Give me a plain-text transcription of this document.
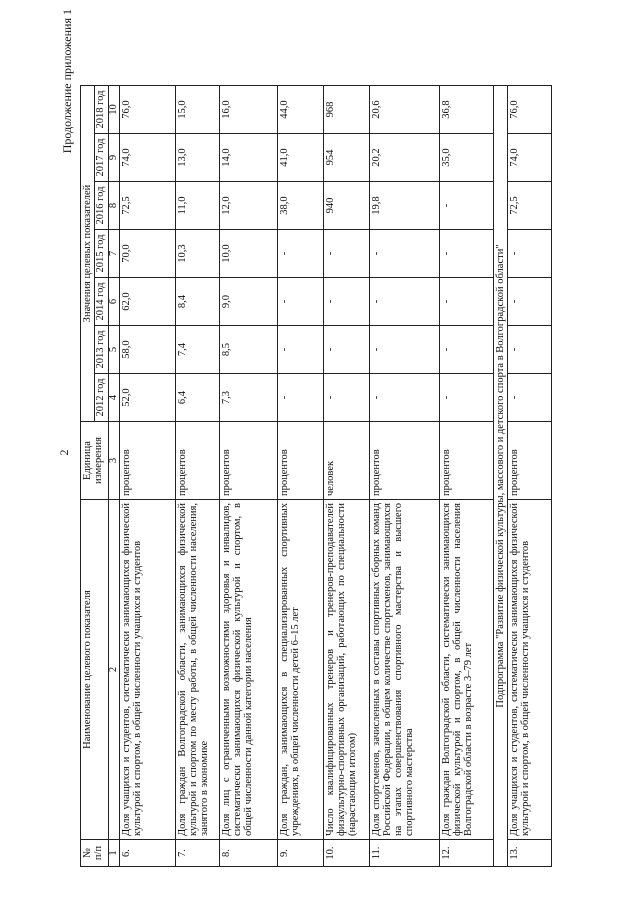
2
Продолжение приложения 1
№ п/п	Наименование целевого показателя	Единица измерения	Значения целевых показателей						
			2012 год	2013 год	2014 год	2015 год	2016 год	2017 год	2018 год
1	2	3	4	5	6	7	8	9	10
6.	Доля учащихся и студентов, систематически занимающихся физической культурой и спортом, в общей численности учащихся и студентов	процентов	52,0	58,0	62,0	70,0	72,5	74,0	76,0
7.	Доля граждан Волгоградской области, занимающихся физической культурой и спортом по месту работы, в общей численности населения, занятого в экономике	процентов	6,4	7,4	8,4	10,3	11,0	13,0	15,0
8.	Доля лиц с ограниченными возможностями здоровья и инвалидов, систематически занимающихся физической культурой и спортом, в общей численности данной категории населения	процентов	7,3	8,5	9,0	10,0	12,0	14,0	16,0
9.	Доля граждан, занимающихся в специализированных спортивных учреждениях, в общей численности детей 6–15 лет	процентов	-	-	-	-	38,0	41,0	44,0
10.	Число квалифицированных тренеров и тренеров-преподавателей физкультурно-спортивных организаций, работающих по специальности (нарастающим итогом)	человек	-	-	-	-	940	954	968
11.	Доля спортсменов, зачисленных в составы спортивных сборных команд Российской Федерации, в общем количестве спортсменов, занимающихся на этапах совершенствования спортивного мастерства и высшего спортивного мастерства	процентов	-	-	-	-	19,8	20,2	20,6
12.	Доля граждан Волгоградской области, систематически занимающихся физической культурой и спортом, в общей численности населения Волгоградской области в возрасте 3–79 лет	процентов	-	-	-	-	-	35,0	36,8
Подпрограмма "Развитие физической культуры, массового и детского спорта в Волгоградской области"									
13.	Доля учащихся и студентов, систематически занимающихся физической культурой и спортом, в общей численности учащихся и студентов	процентов	-	-	-	-	72,5	74,0	76,0
